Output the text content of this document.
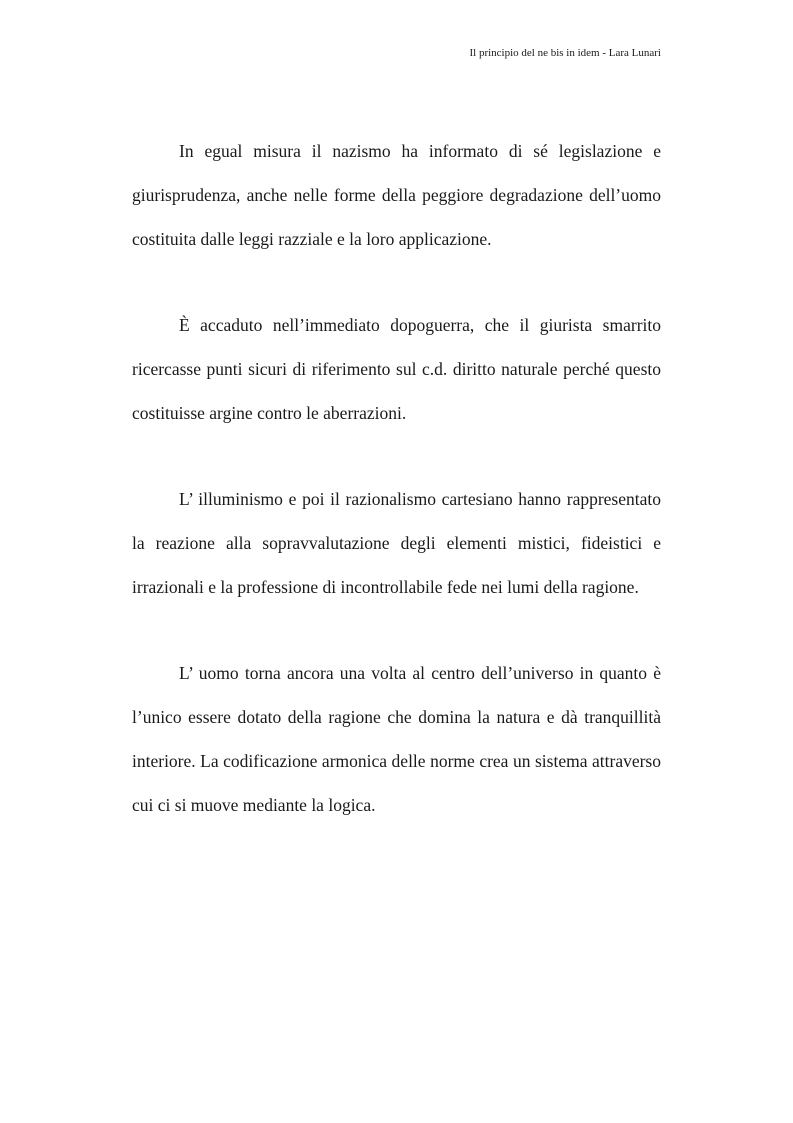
Il principio del ne bis in idem - Lara Lunari

In egual misura il nazismo ha informato di sé legislazione e giurisprudenza, anche nelle forme della peggiore degradazione dell’uomo costituita dalle leggi razziale e la loro applicazione.

È accaduto nell’immediato dopoguerra, che il giurista smarrito ricercasse punti sicuri di riferimento sul c.d. diritto naturale perché questo costituisse argine contro le aberrazioni.

L’ illuminismo e poi il razionalismo cartesiano hanno rappresentato la reazione alla sopravvalutazione degli elementi mistici, fideistici e irrazionali e la professione di incontrollabile fede nei lumi della ragione.

L’ uomo torna ancora una volta al centro dell’universo in quanto è l’unico essere dotato della ragione che domina la natura e dà tranquillità interiore. La codificazione armonica delle norme crea un sistema attraverso cui ci si muove mediante la logica.
